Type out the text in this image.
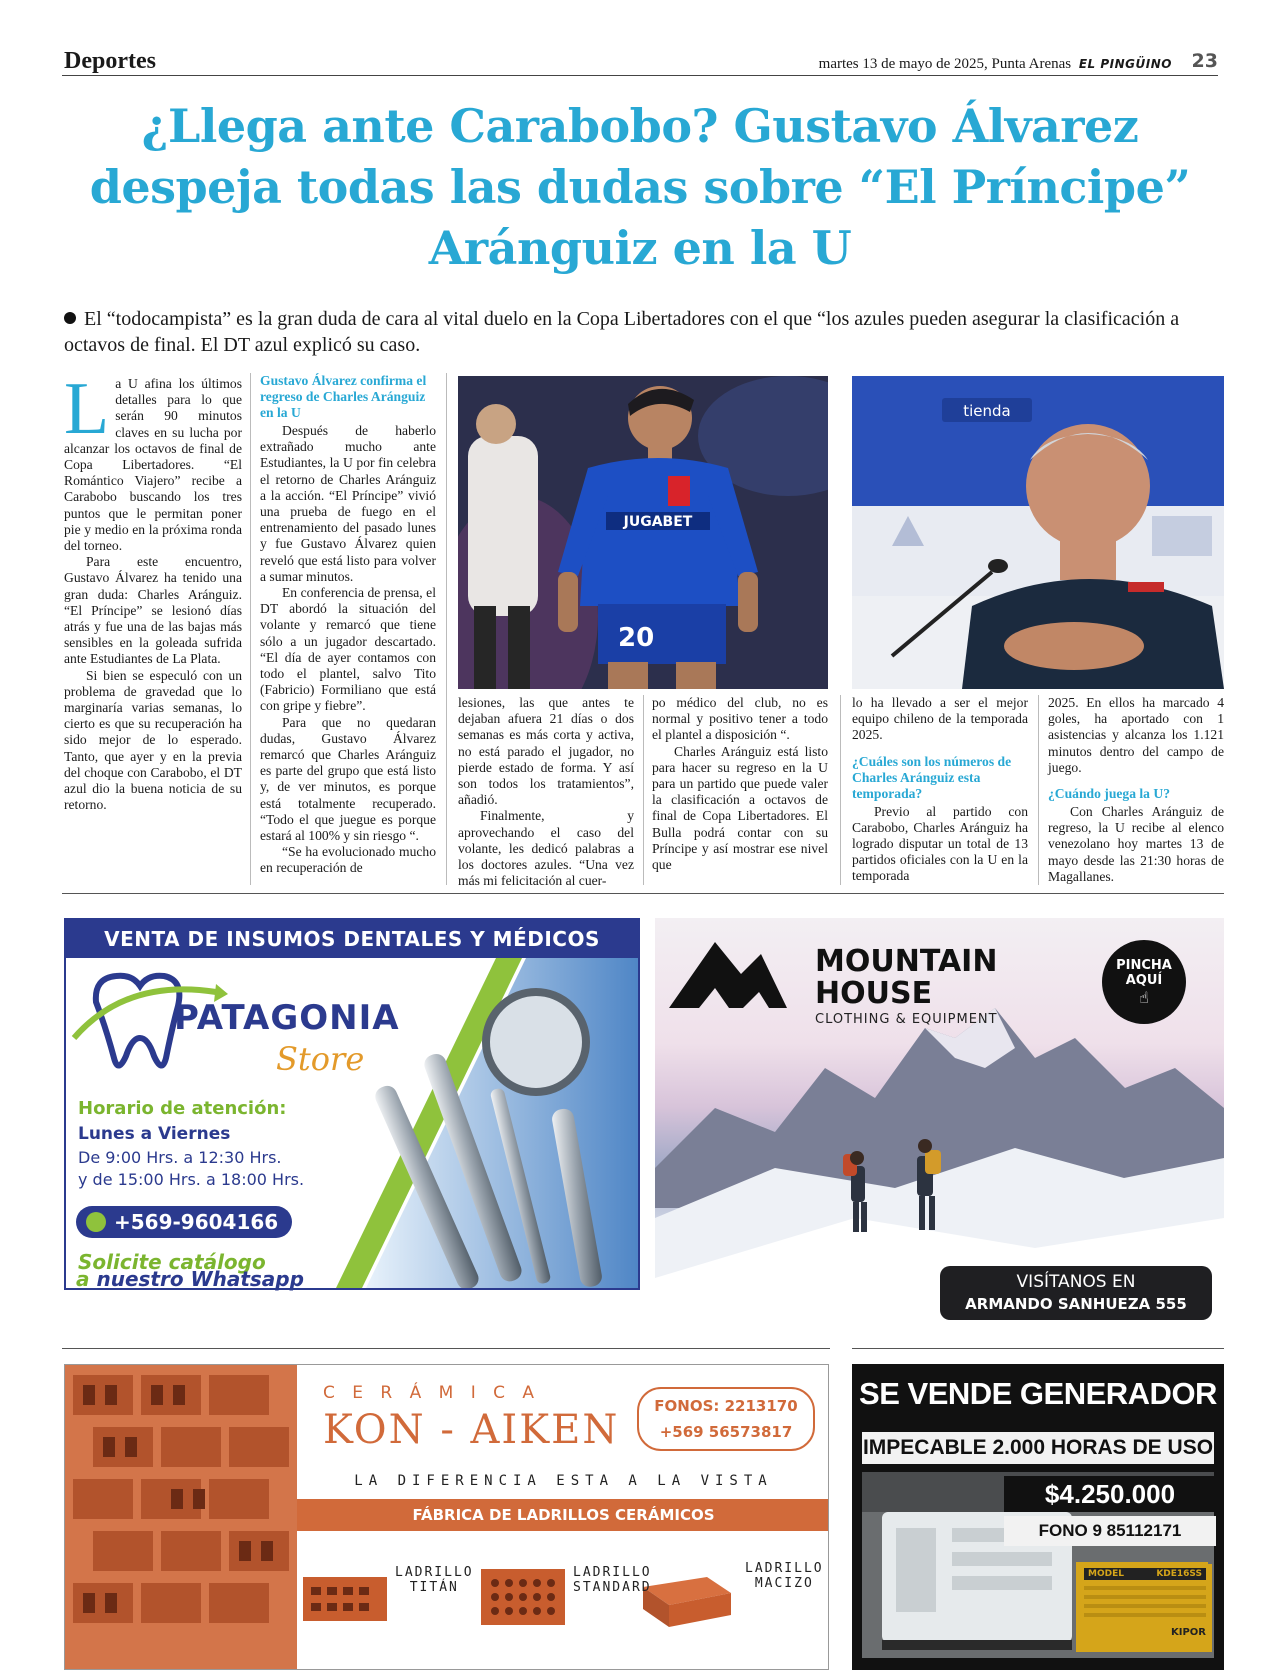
Deportes	martes 13 de mayo de 2025, Punta Arenas EL PINGÜINO 23
¿Llega ante Carabobo? Gustavo Álvarez despeja todas las dudas sobre “El Príncipe” Aránguiz en la U
El “todocampista” es la gran duda de cara al vital duelo en la Copa Libertadores con el que “los azules pueden asegurar la clasificación a octavos de final. El DT azul explicó su caso.
L a U afina los últimos detalles para lo que serán 90 minutos claves en su lucha por alcanzar los octavos de final de Copa Libertadores. “El Romántico Viajero” recibe a Carabobo buscando los tres puntos que le permitan poner pie y medio en la próxima ronda del torneo.

Para este encuentro, Gustavo Álvarez ha tenido una gran duda: Charles Aránguiz. “El Príncipe” se lesionó días atrás y fue una de las bajas más sensibles en la goleada sufrida ante Estudiantes de La Plata.

Si bien se especuló con un problema de gravedad que lo marginaría varias semanas, lo cierto es que su recuperación ha sido mejor de lo esperado. Tanto, que ayer y en la previa del choque con Carabobo, el DT azul dio la buena noticia de su retorno.

Gustavo Álvarez confirma el regreso de Charles Aránguiz en la U

Después de haberlo extrañado mucho ante Estudiantes, la U por fin celebra el retorno de Charles Aránguiz a la acción. “El Príncipe” vivió una prueba de fuego en el entrenamiento del pasado lunes y fue Gustavo Álvarez quien reveló que está listo para volver a sumar minutos.

En conferencia de prensa, el DT abordó la situación del volante y remarcó que tiene sólo a un jugador descartado. “El día de ayer contamos con todo el plantel, salvo Tito (Fabricio) Formiliano que está con gripe y fiebre”.

Para que no quedaran dudas, Gustavo Álvarez remarcó que Charles Aránguiz es parte del grupo que está listo y, de ver minutos, es porque está totalmente recuperado. “Todo el que juegue es porque estará al 100% y sin riesgo “.

“Se ha evolucionado mucho en recuperación de

JUGABET
20
tienda

lesiones, las que antes te dejaban afuera 21 días o dos semanas es más corta y activa, no está parado el jugador, no pierde estado de forma. Y así son todos los tratamientos”, añadió.

Finalmente, y aprovechando el caso del volante, les dedicó palabras a los doctores azules. “Una vez más mi felicitación al cuer-

po médico del club, no es normal y positivo tener a todo el plantel a disposición “.

Charles Aránguiz está listo para hacer su regreso en la U para un partido que puede valer la clasificación a octavos de final de Copa Libertadores. El Bulla podrá contar con su Príncipe y así mostrar ese nivel que

lo ha llevado a ser el mejor equipo chileno de la temporada 2025.

¿Cuáles son los números de Charles Aránguiz esta temporada?

Previo al partido con Carabobo, Charles Aránguiz ha logrado disputar un total de 13 partidos oficiales con la U en la temporada

2025. En ellos ha marcado 4 goles, ha aportado con 1 asistencias y alcanza los 1.121 minutos dentro del campo de juego.

¿Cuándo juega la U?

Con Charles Aránguiz de regreso, la U recibe al elenco venezolano hoy martes 13 de mayo desde las 21:30 horas de Magallanes.

VENTA DE INSUMOS DENTALES Y MÉDICOS
PATAGONIA
Store
Horario de atención:
Lunes a Viernes
De 9:00 Hrs. a 12:30 Hrs.
y de 15:00 Hrs. a 18:00 Hrs.
+569-9604166
Solicite catálogo
a nuestro Whatsapp
MOUNTAIN
HOUSE
CLOTHING & EQUIPMENT
PINCHA
AQUÍ
☝
VISÍTANOS EN
ARMANDO SANHUEZA 555
C E R Á M I C A
KON - AIKEN
FONOS: 2213170
+569 56573817
LA DIFERENCIA ESTA A LA VISTA
FÁBRICA DE LADRILLOS CERÁMICOS
LADRILLO
TITÁN
LADRILLO
STANDARD
LADRILLO
MACIZO
SE VENDE GENERADOR
IMPECABLE 2.000 HORAS DE USO
$4.250.000
FONO 9 85112171
MODEL	KDE16SS
KIPOR
